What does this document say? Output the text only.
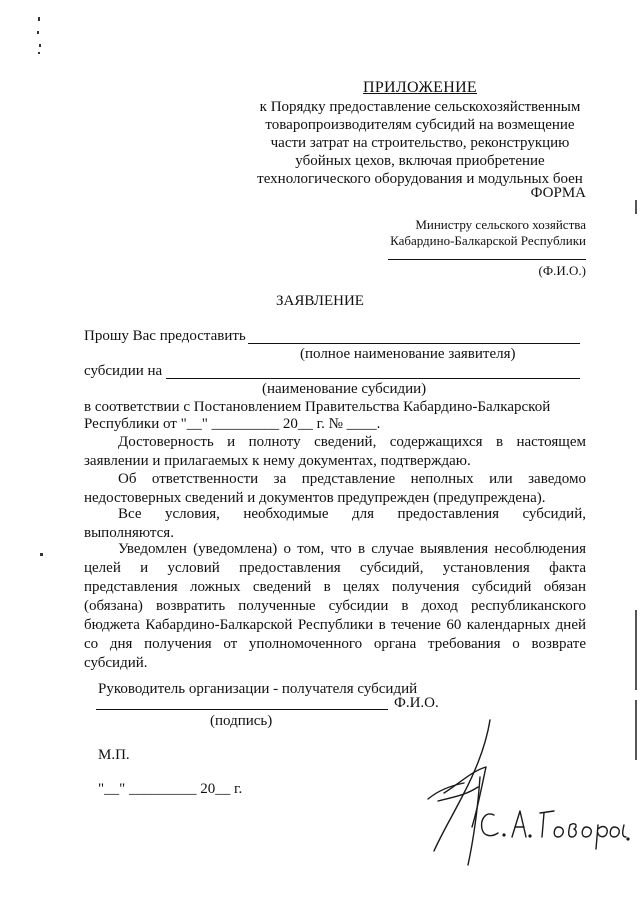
ПРИЛОЖЕНИЕ
к Порядку предоставление сельскохозяйственным
товаропроизводителям субсидий на возмещение
части затрат на строительство, реконструкцию
убойных цехов, включая приобретение
технологического оборудования и модульных боен
ФОРМА
Министру сельского хозяйства
Кабардино-Балкарской Республики
(Ф.И.О.)
ЗАЯВЛЕНИЕ
Прошу Вас предоставить
(полное наименование заявителя)
субсидии на
(наименование субсидии)
в соответствии с Постановлением Правительства Кабардино-Балкарской
Республики от "__" _________ 20__ г. № ____.
Достоверность и полноту сведений, содержащихся в настоящем
заявлении и прилагаемых к нему документах, подтверждаю.
Об ответственности за представление неполных или заведомо
недостоверных сведений и документов предупрежден (предупреждена).
Все условия, необходимые для предоставления субсидий,
выполняются.
Уведомлен (уведомлена) о том, что в случае выявления несоблюдения
целей и условий предоставления субсидий, установления факта
представления ложных сведений в целях получения субсидий обязан
(обязана) возвратить полученные субсидии в доход республиканского
бюджета Кабардино-Балкарской Республики в течение 60 календарных дней
со дня получения от уполномоченного органа требования о возврате
субсидий.
Руководитель организации - получателя субсидий
Ф.И.О.
(подпись)
М.П.
"__" _________ 20__ г.
